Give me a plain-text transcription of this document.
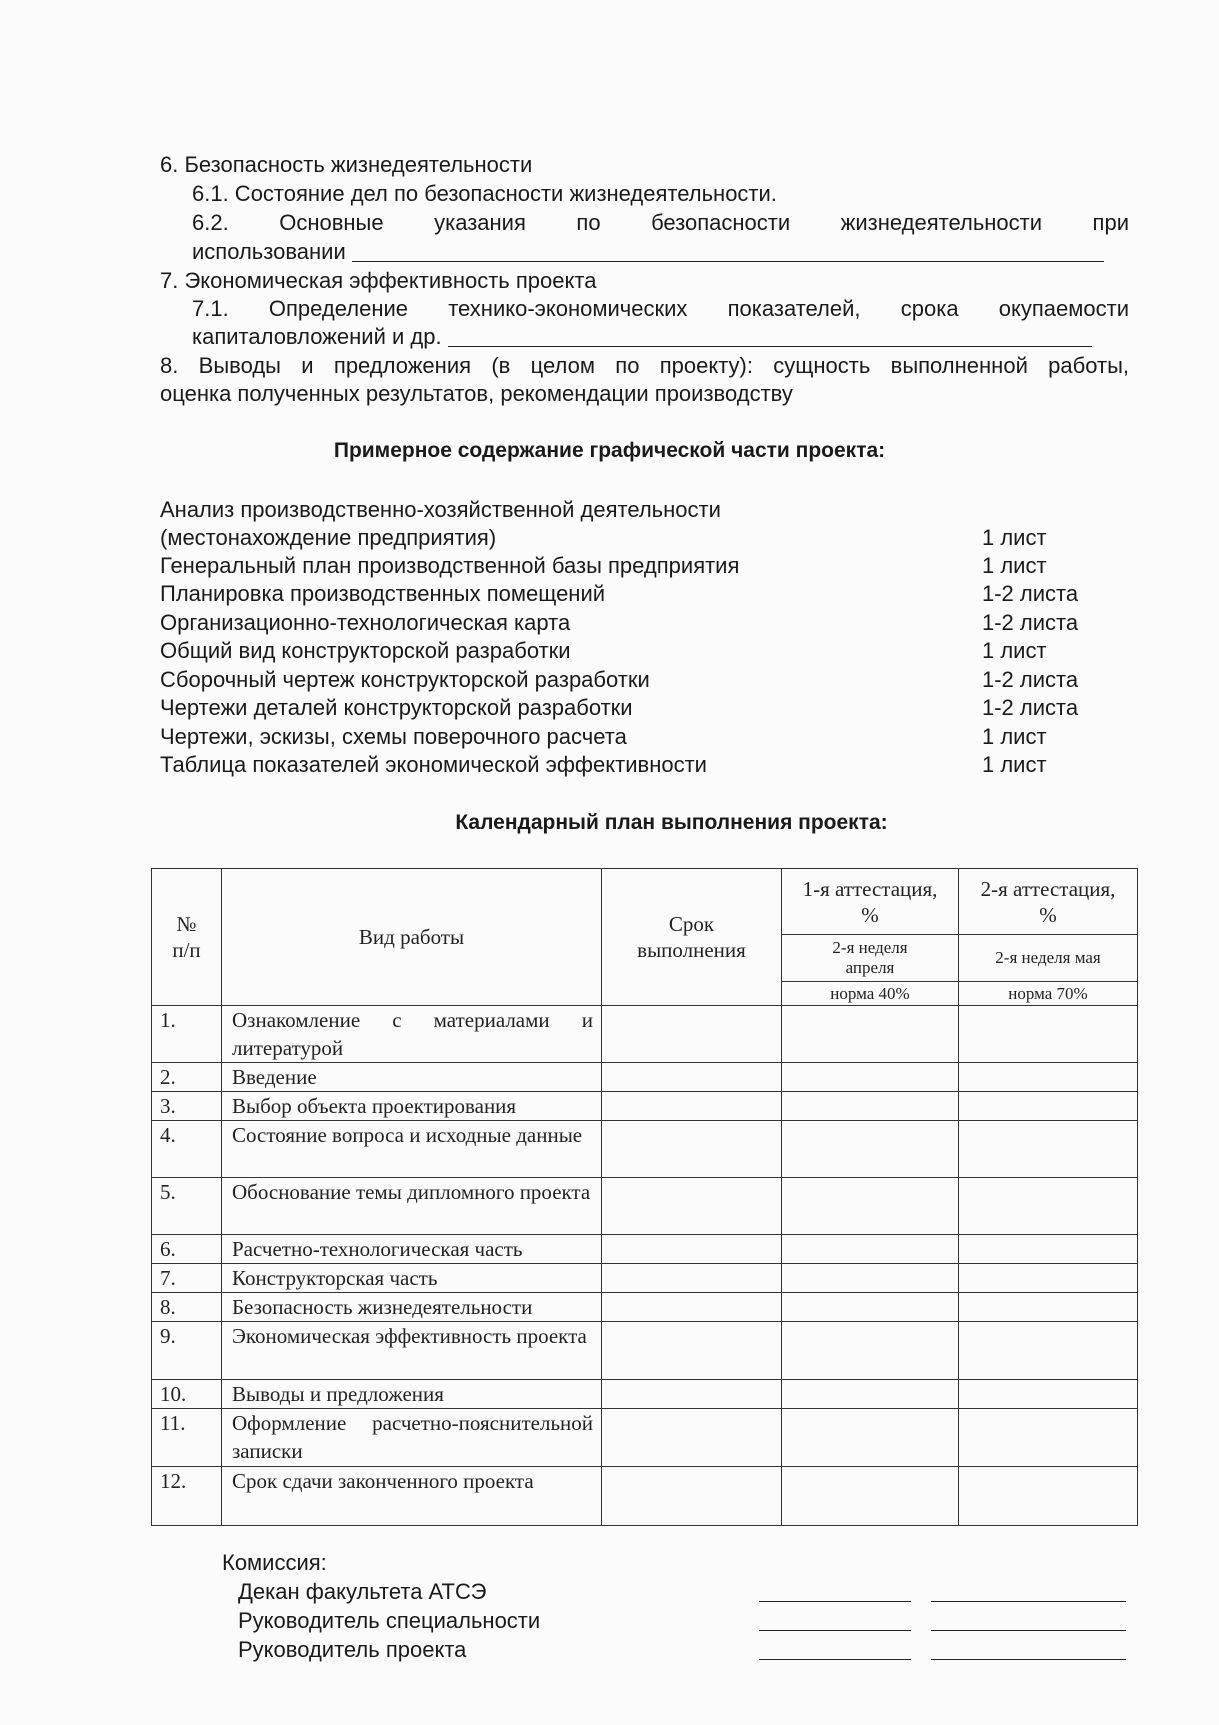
6. Безопасность жизнедеятельности
6.1. Состояние дел по безопасности жизнедеятельности.
6.2. Основные указания по безопасности жизнедеятельности при
использовании
7. Экономическая эффективность проекта
7.1. Определение технико-экономических показателей, срока окупаемости
капиталовложений и др.
8. Выводы и предложения (в целом по проекту): сущность выполненной работы,
оценка полученных результатов, рекомендации производству
Примерное содержание графической части проекта:
Анализ производственно-хозяйственной деятельности
(местонахождение предприятия)	1 лист
Генеральный план производственной базы предприятия	1 лист
Планировка производственных помещений	1-2 листа
Организационно-технологическая карта	1-2 листа
Общий вид конструкторской разработки	1 лист
Сборочный чертеж конструкторской разработки	1-2 листа
Чертежи деталей конструкторской разработки	1-2 листа
Чертежи, эскизы, схемы поверочного расчета	1 лист
Таблица показателей экономической эффективности	1 лист
Календарный план выполнения проекта:
№ п/п	Вид работы	Срок выполнения	1-я аттестация, %	2-я аттестация, %
			2-я неделя апреля	2-я неделя мая
			норма 40%	норма 70%
1.	Ознакомление с материалами и литературой			
2.	Введение			
3.	Выбор объекта проектирования			
4.	Состояние вопроса и исходные данные			
5.	Обоснование темы дипломного проекта			
6.	Расчетно-технологическая часть			
7.	Конструкторская часть			
8.	Безопасность жизнедеятельности			
9.	Экономическая эффективность проекта			
10.	Выводы и предложения			
11.	Оформление расчетно-пояснительной записки			
12.	Срок сдачи законченного проекта			
Комиссия:
Декан факультета АТСЭ
Руководитель специальности
Руководитель проекта
